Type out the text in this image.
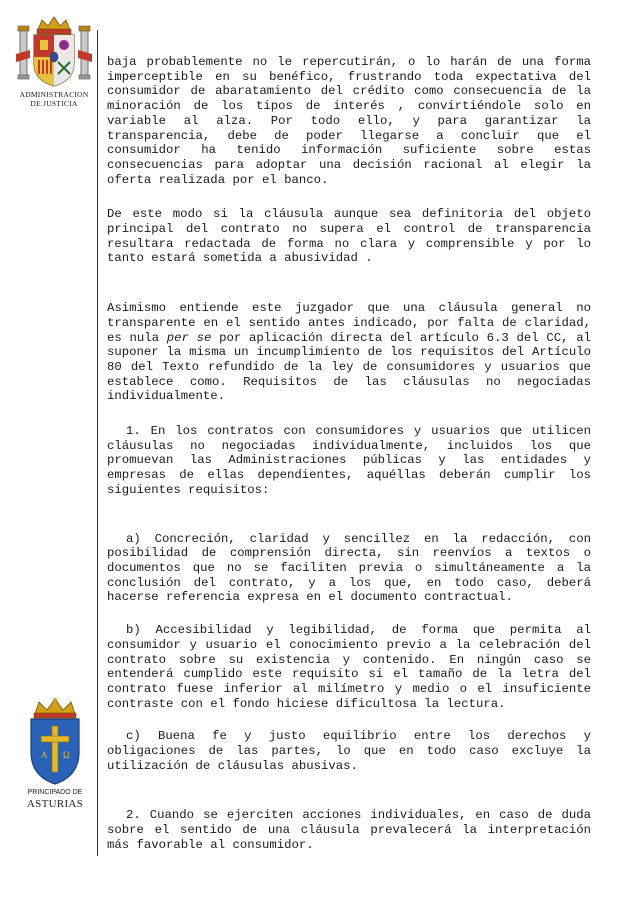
ADMINISTRACION
DE JUSTICIA
A Ω
PRINCIPADO DE
ASTURIAS

baja probablemente no le repercutirán, o lo harán de una forma imperceptible en su benéfico, frustrando toda expectativa del consumidor de abaratamiento del crédito como consecuencia de la minoración de los tipos de interés , convirtiéndole solo en variable al alza. Por todo ello, y para garantizar la transparencia, debe de poder llegarse a concluir que el consumidor ha tenido información suficiente sobre estas consecuencias para adoptar una decisión racional al elegir la oferta realizada por el banco.

De este modo si la cláusula aunque sea definitoria del objeto principal del contrato no supera el control de transparencia resultara redactada de forma no clara y comprensible y por lo tanto estará sometida a abusividad .

Asimismo entiende este juzgador que una cláusula general no transparente en el sentido antes indicado, por falta de claridad, es nula per se por aplicación directa del artículo 6.3 del CC, al suponer la misma un incumplimiento de los requisitos del Artículo 80 del Texto refundido de la ley de consumidores y usuarios que establece como. Requisitos de las cláusulas no negociadas individualmente.

1. En los contratos con consumidores y usuarios que utilicen cláusulas no negociadas individualmente, incluidos los que promuevan las Administraciones públicas y las entidades y empresas de ellas dependientes, aquéllas deberán cumplir los siguientes requisitos:

a) Concreción, claridad y sencillez en la redacción, con posibilidad de comprensión directa, sin reenvíos a textos o documentos que no se faciliten previa o simultáneamente a la conclusión del contrato, y a los que, en todo caso, deberá hacerse referencia expresa en el documento contractual.

b) Accesibilidad y legibilidad, de forma que permita al consumidor y usuario el conocimiento previo a la celebración del contrato sobre su existencia y contenido. En ningún caso se entenderá cumplido este requisito si el tamaño de la letra del contrato fuese inferior al milímetro y medio o el insuficiente contraste con el fondo hiciese dificultosa la lectura.

c) Buena fe y justo equilibrio entre los derechos y obligaciones de las partes, lo que en todo caso excluye la utilización de cláusulas abusivas.

2. Cuando se ejerciten acciones individuales, en caso de duda sobre el sentido de una cláusula prevalecerá la interpretación más favorable al consumidor.
